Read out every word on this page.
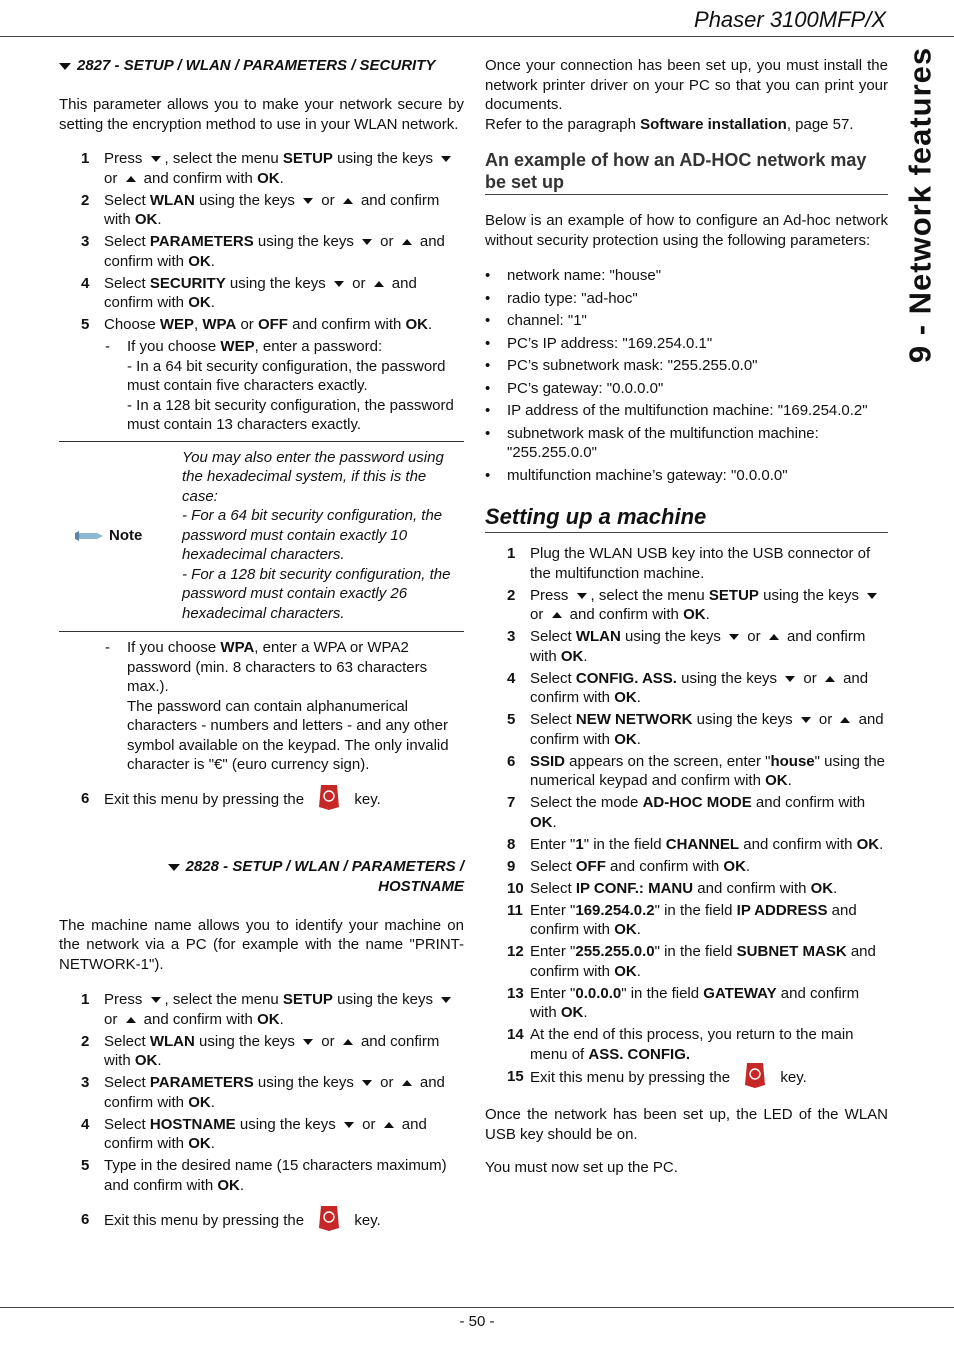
Phaser 3100MFP/X
9 - Network features
2827 - SETUP / WLAN / PARAMETERS / SECURITY

This parameter allows you to make your network secure by setting the encryption method to use in your WLAN network.

1 Press , select the menu SETUP using the keys  or  and confirm with OK.
2 Select WLAN using the keys  or  and confirm with OK.
3 Select PARAMETERS using the keys  or  and confirm with OK.
4 Select SECURITY using the keys  or  and confirm with OK.
5 Choose WEP, WPA or OFF and confirm with OK.
- If you choose WEP, enter a password:
- In a 64 bit security configuration, the password must contain five characters exactly.
- In a 128 bit security configuration, the password must contain 13 characters exactly.
Note
You may also enter the password using the hexadecimal system, if this is the case:
- For a 64 bit security configuration, the password must contain exactly 10 hexadecimal characters.
- For a 128 bit security configuration, the password must contain exactly 26 hexadecimal characters.
- If you choose WPA, enter a WPA or WPA2 password (min. 8 characters to 63 characters max.).
The password can contain alphanumerical characters - numbers and letters - and any other symbol available on the keypad. The only invalid character is "€" (euro currency sign).
6 Exit this menu by pressing the	key.
2828 - SETUP / WLAN / PARAMETERS /
HOSTNAME

The machine name allows you to identify your machine on the network via a PC (for example with the name "PRINT-NETWORK-1").

1 Press , select the menu SETUP using the keys  or  and confirm with OK.
2 Select WLAN using the keys  or  and confirm with OK.
3 Select PARAMETERS using the keys  or  and confirm with OK.
4 Select HOSTNAME using the keys  or  and confirm with OK.
5 Type in the desired name (15 characters maximum) and confirm with OK.
6 Exit this menu by pressing the	key.

Once your connection has been set up, you must install the network printer driver on your PC so that you can print your documents.

Refer to the paragraph Software installation, page 57.

An example of how an AD-HOC network may be set up

Below is an example of how to configure an Ad-hoc network without security protection using the following parameters:

• network name: "house"
• radio type: "ad-hoc"
• channel: "1"
• PC’s IP address: "169.254.0.1"
• PC’s subnetwork mask: "255.255.0.0"
• PC’s gateway: "0.0.0.0"
• IP address of the multifunction machine: "169.254.0.2"
• subnetwork mask of the multifunction machine: "255.255.0.0"
• multifunction machine’s gateway: "0.0.0.0"
Setting up a machine
1 Plug the WLAN USB key into the USB connector of the multifunction machine.
2 Press , select the menu SETUP using the keys  or  and confirm with OK.
3 Select WLAN using the keys  or  and confirm with OK.
4 Select CONFIG. ASS. using the keys  or  and confirm with OK.
5 Select NEW NETWORK using the keys  or  and confirm with OK.
6 SSID appears on the screen, enter "house" using the numerical keypad and confirm with OK.
7 Select the mode AD-HOC MODE and confirm with OK.
8 Enter "1" in the field CHANNEL and confirm with OK.
9 Select OFF and confirm with OK.
10 Select IP CONF.: MANU and confirm with OK.
11 Enter "169.254.0.2" in the field IP ADDRESS and confirm with OK.
12 Enter "255.255.0.0" in the field SUBNET MASK and confirm with OK.
13 Enter "0.0.0.0" in the field GATEWAY and confirm with OK.
14 At the end of this process, you return to the main menu of ASS. CONFIG.
15 Exit this menu by pressing the	key.

Once the network has been set up, the LED of the WLAN USB key should be on.

You must now set up the PC.

- 50 -
